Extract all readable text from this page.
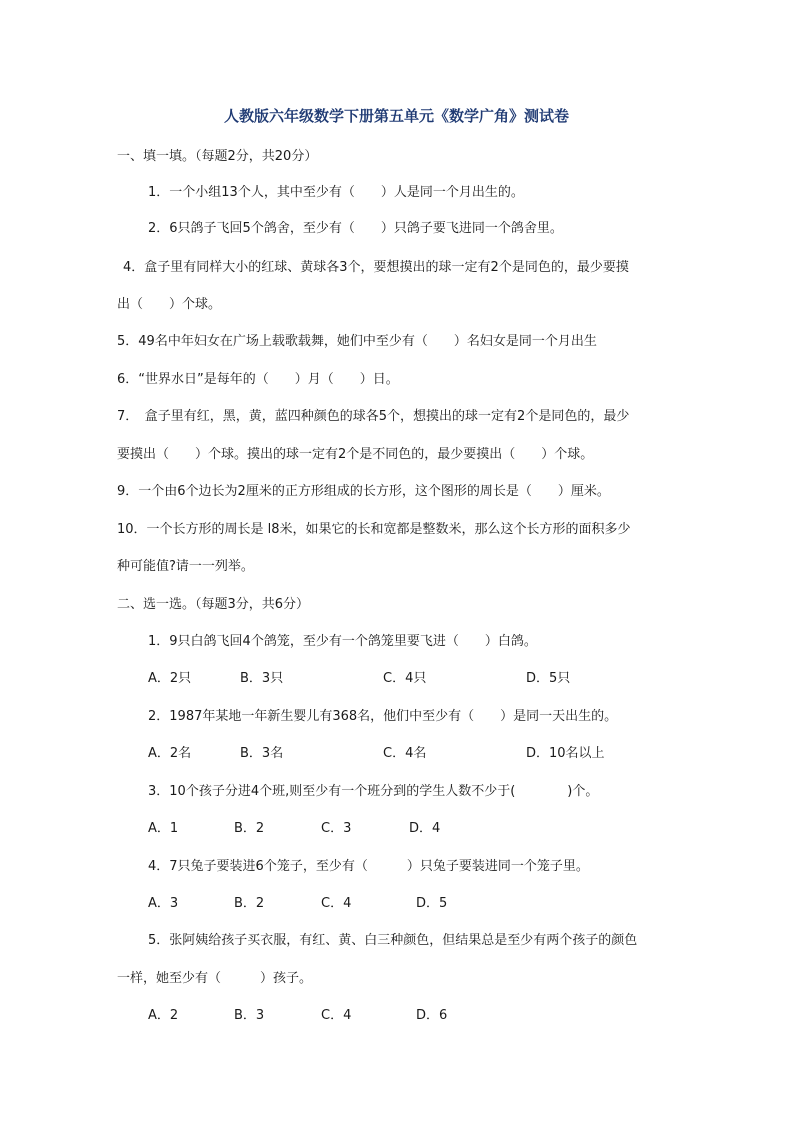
人教版六年级数学下册第五单元《数学广角》测试卷
一、填一填。（每题2分，共20分）
1．一个小组13个人，其中至少有（　　）人是同一个月出生的。
2．6只鸽子飞回5个鸽舍，至少有（　　）只鸽子要飞进同一个鸽舍里。
4．盒子里有同样大小的红球、黄球各3个，要想摸出的球一定有2个是同色的，最少要摸
出（　　）个球。
5．49名中年妇女在广场上载歌载舞，她们中至少有（　　）名妇女是同一个月出生
6．“世界水日”是每年的（　　）月（　　）日。
7．　盒子里有红，黑，黄，蓝四种颜色的球各5个，想摸出的球一定有2个是同色的，最少
要摸出（　　）个球。摸出的球一定有2个是不同色的，最少要摸出（　　）个球。
9．一个由6个边长为2厘米的正方形组成的长方形，这个图形的周长是（　　）厘米。
10．一个长方形的周长是 l8米，如果它的长和宽都是整数米，那么这个长方形的面积多少
种可能值?请一一列举。
二、选一选。（每题3分，共6分）
1．9只白鸽飞回4个鸽笼，至少有一个鸽笼里要飞进（　　）白鸽。
A．2只	B．3只	C．4只	D．5只
2．1987年某地一年新生婴儿有368名，他们中至少有（　　）是同一天出生的。
A．2名	B．3名	C．4名	D．10名以上
3．10个孩子分进4个班,则至少有一个班分到的学生人数不少于(　　　　)个。
A．1	B．2	C．3	D．4
4．7只兔子要装进6个笼子，至少有（　　　）只兔子要装进同一个笼子里。
A．3	B．2	C．4	D．5
5．张阿姨给孩子买衣服，有红、黄、白三种颜色，但结果总是至少有两个孩子的颜色
一样，她至少有（　　　）孩子。
A．2	B．3	C．4	D．6
